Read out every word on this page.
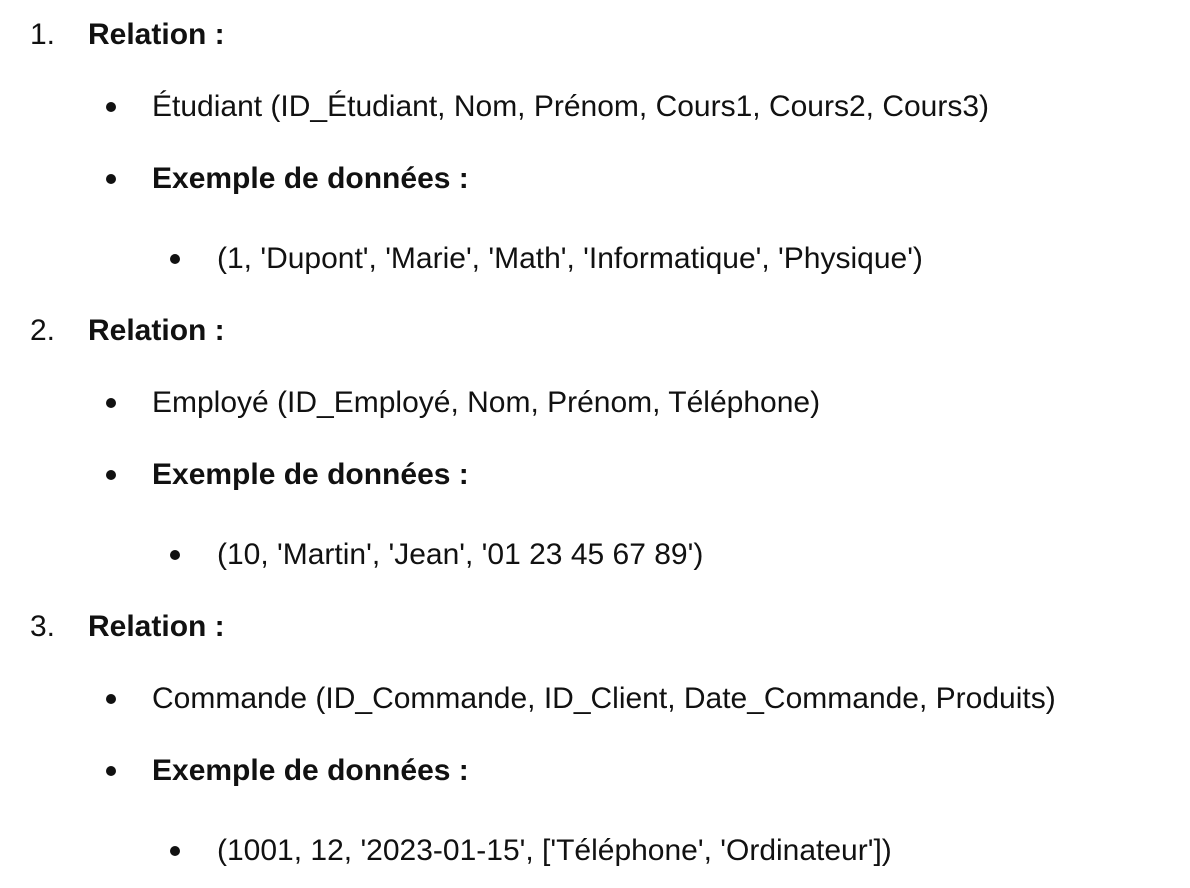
1. Relation :
Étudiant (ID_Étudiant, Nom, Prénom, Cours1, Cours2, Cours3)
Exemple de données :
(1, 'Dupont', 'Marie', 'Math', 'Informatique', 'Physique')
2. Relation :
Employé (ID_Employé, Nom, Prénom, Téléphone)
Exemple de données :
(10, 'Martin', 'Jean', '01 23 45 67 89')
3. Relation :
Commande (ID_Commande, ID_Client, Date_Commande, Produits)
Exemple de données :
(1001, 12, '2023-01-15', ['Téléphone', 'Ordinateur'])
